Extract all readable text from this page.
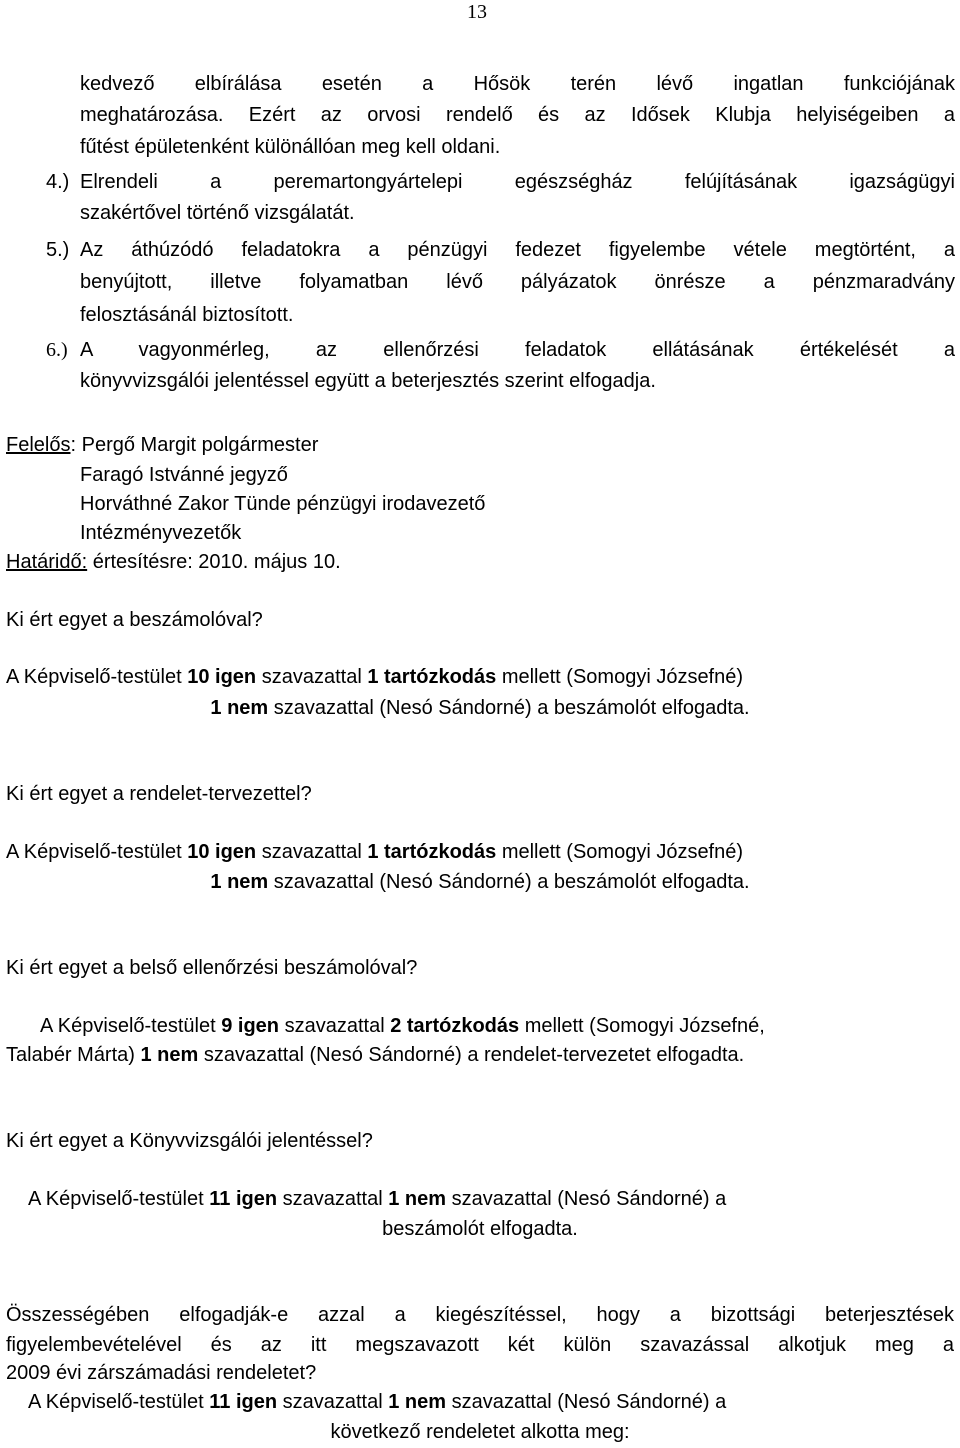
13
kedvező elbírálása esetén a Hősök terén lévő ingatlan funkciójának
meghatározása. Ezért az orvosi rendelő és az Idősek Klubja helyiségeiben a
fűtést épületenként különállóan meg kell oldani.
4.) Elrendeli a peremartongyártelepi egészségház felújításának igazságügyi
szakértővel történő vizsgálatát.
5.) Az áthúzódó feladatokra a pénzügyi fedezet figyelembe vétele megtörtént, a
benyújtott, illetve folyamatban lévő pályázatok önrésze a pénzmaradvány
felosztásánál biztosított.
6.) A vagyonmérleg, az ellenőrzési feladatok ellátásának értékelését a
könyvvizsgálói jelentéssel együtt a beterjesztés szerint elfogadja.
Felelős: Pergő Margit polgármester
Faragó Istvánné jegyző
Horváthné Zakor Tünde pénzügyi irodavezető
Intézményvezetők
Határidő: értesítésre: 2010. május 10.
Ki ért egyet a beszámolóval?
A Képviselő-testület 10 igen szavazattal 1 tartózkodás mellett (Somogyi Józsefné)
1 nem szavazattal (Nesó Sándorné) a beszámolót elfogadta.
Ki ért egyet a rendelet-tervezettel?
A Képviselő-testület 10 igen szavazattal 1 tartózkodás mellett (Somogyi Józsefné)
1 nem szavazattal (Nesó Sándorné) a beszámolót elfogadta.
Ki ért egyet a belső ellenőrzési beszámolóval?
A Képviselő-testület 9 igen szavazattal 2 tartózkodás mellett (Somogyi Józsefné,
Talabér Márta) 1 nem szavazattal (Nesó Sándorné) a rendelet-tervezetet elfogadta.
Ki ért egyet a Könyvvizsgálói jelentéssel?
A Képviselő-testület 11 igen szavazattal 1 nem szavazattal (Nesó Sándorné) a
beszámolót elfogadta.
Összességében elfogadják-e azzal a kiegészítéssel, hogy a bizottsági beterjesztések
figyelembevételével és az itt megszavazott két külön szavazással alkotjuk meg a
2009 évi zárszámadási rendeletet?
A Képviselő-testület 11 igen szavazattal 1 nem szavazattal (Nesó Sándorné) a
következő rendeletet alkotta meg:
